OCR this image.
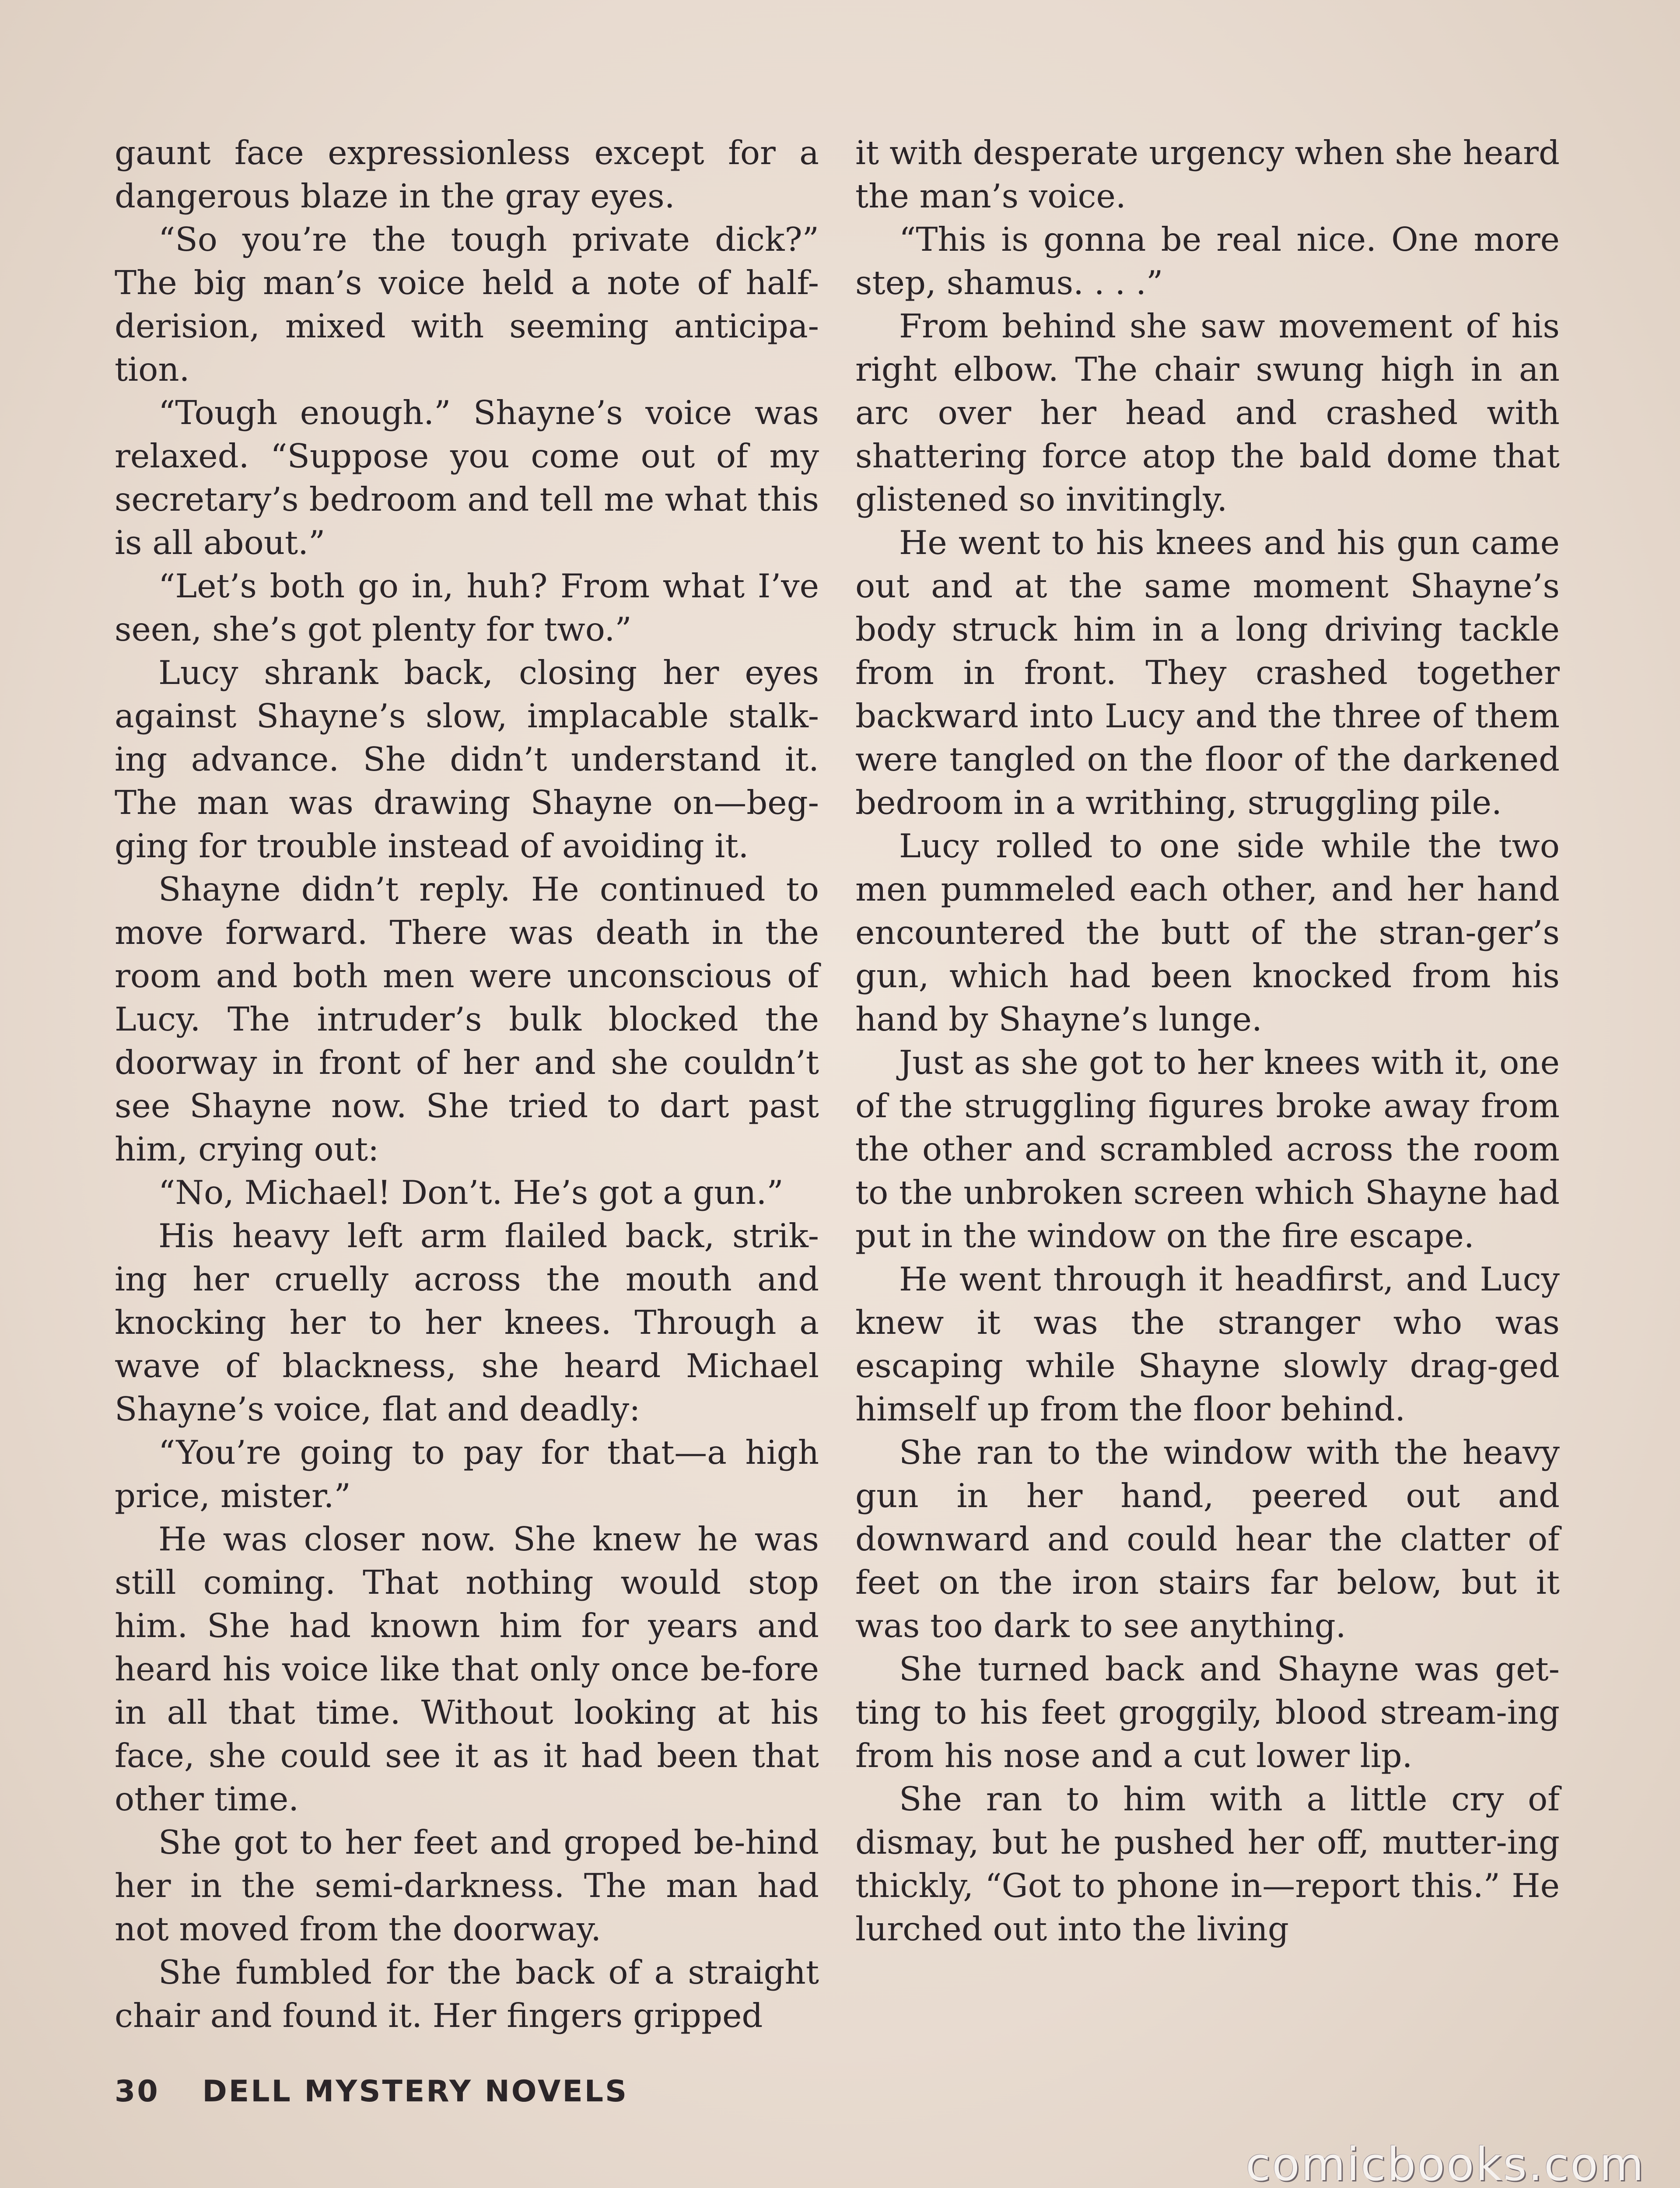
gaunt face expressionless except for a dangerous blaze in the gray eyes.

“So you’re the tough private dick?” The big man’s voice held a note of half-derision, mixed with seeming anticipa-tion.

“Tough enough.” Shayne’s voice was relaxed. “Suppose you come out of my secretary’s bedroom and tell me what this is all about.”

“Let’s both go in, huh? From what I’ve seen, she’s got plenty for two.”

Lucy shrank back, closing her eyes against Shayne’s slow, implacable stalk-ing advance. She didn’t understand it. The man was drawing Shayne on—beg-ging for trouble instead of avoiding it.

Shayne didn’t reply. He continued to move forward. There was death in the room and both men were unconscious of Lucy. The intruder’s bulk blocked the doorway in front of her and she couldn’t see Shayne now. She tried to dart past him, crying out:

“No, Michael! Don’t. He’s got a gun.”

His heavy left arm flailed back, strik-ing her cruelly across the mouth and knocking her to her knees. Through a wave of blackness, she heard Michael Shayne’s voice, flat and deadly:

“You’re going to pay for that—a high price, mister.”

He was closer now. She knew he was still coming. That nothing would stop him. She had known him for years and heard his voice like that only once be-fore in all that time. Without looking at his face, she could see it as it had been that other time.

She got to her feet and groped be-hind her in the semi-darkness. The man had not moved from the doorway.

She fumbled for the back of a straight chair and found it. Her fingers gripped

it with desperate urgency when she heard the man’s voice.

“This is gonna be real nice. One more step, shamus. . . .”

From behind she saw movement of his right elbow. The chair swung high in an arc over her head and crashed with shattering force atop the bald dome that glistened so invitingly.

He went to his knees and his gun came out and at the same moment Shayne’s body struck him in a long driving tackle from in front. They crashed together backward into Lucy and the three of them were tangled on the floor of the darkened bedroom in a writhing, struggling pile.

Lucy rolled to one side while the two men pummeled each other, and her hand encountered the butt of the stran-ger’s gun, which had been knocked from his hand by Shayne’s lunge.

Just as she got to her knees with it, one of the struggling figures broke away from the other and scrambled across the room to the unbroken screen which Shayne had put in the window on the fire escape.

He went through it headfirst, and Lucy knew it was the stranger who was escaping while Shayne slowly drag-ged himself up from the floor behind.

She ran to the window with the heavy gun in her hand, peered out and downward and could hear the clatter of feet on the iron stairs far below, but it was too dark to see anything.

She turned back and Shayne was get-ting to his feet groggily, blood stream-ing from his nose and a cut lower lip.

She ran to him with a little cry of dismay, but he pushed her off, mutter-ing thickly, “Got to phone in—report this.” He lurched out into the living

30 DELL MYSTERY NOVELS
comicbooks.com
